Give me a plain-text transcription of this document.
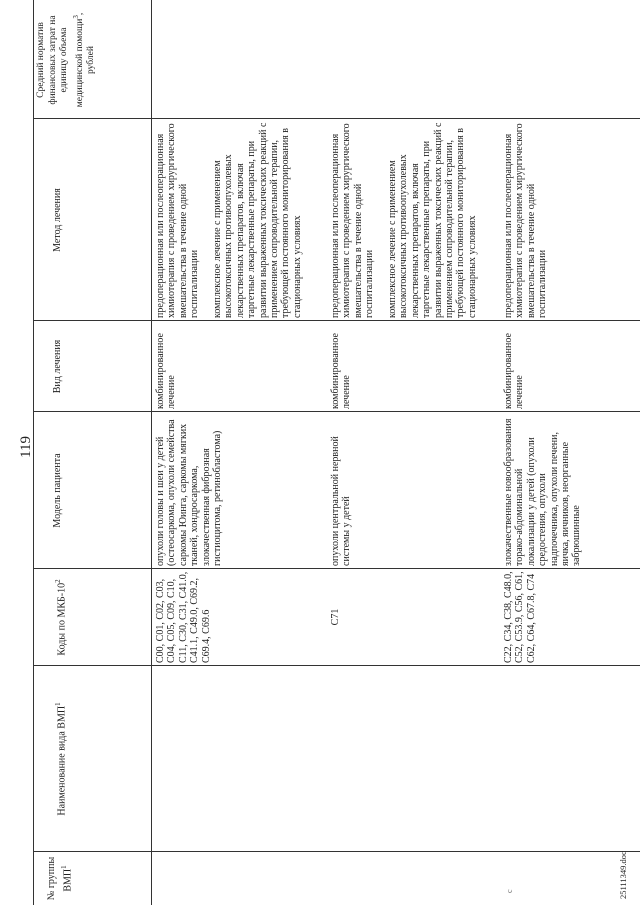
119
№ группы ВМП$^1$
Наименование вида ВМП$^1$
Коды по МКБ-$10^2$
Модель пациента
Вид лечения
Метод лечения
Средний норматив финансовых затрат на единицу объема медицинской помощи$^3$, рублей
C00, C01, C02, C03, C04, C05, C09, C10, C11, C30, C31, C41.0, C41.1, C49.0, C69.2, C69.4, C69.6
опухоли головы и шеи у детей (остеосаркома, опухоли семейства саркомы Юинга, саркомы мягких тканей, хондросаркома, злокачественная фиброзная гистиоцитома, ретинобластома)
комбинированное лечение
предоперационная или послеоперационная химиотерапия с проведением хирургического вмешательства в течение одной госпитализации комплексное лечение с применением высокотоксичных противоопухолевых лекарственных препаратов, включая таргетные лекарственные препараты, при развитии выраженных токсических реакций с применением сопроводительной терапии, требующей постоянного мониторирования в стационарных условиях
C71
опухоли центральной нервной системы у детей
комбинированное лечение
предоперационная или послеоперационная химиотерапия с проведением хирургического вмешательства в течение одной госпитализации комплексное лечение с применением высокотоксичных противоопухолевых лекарственных препаратов, включая таргетные лекарственные препараты, при развитии выраженных токсических реакций с применением сопроводительной терапии, требующей постоянного мониторирования в стационарных условиях
C22, C34, C38, C48.0, C52, C53.9, C56, C61, C62, C64, C67.8, C74
злокачественные новообразования торако-абдоминальной локализации у детей (опухоли средостения, опухоли надпочечника, опухоли печени, яичка, яичников, неорганные забрюшинные
комбинированное лечение
предоперационная или послеоперационная химиотерапия с проведением хирургического вмешательства в течение одной госпитализации
с	25111349.doc
